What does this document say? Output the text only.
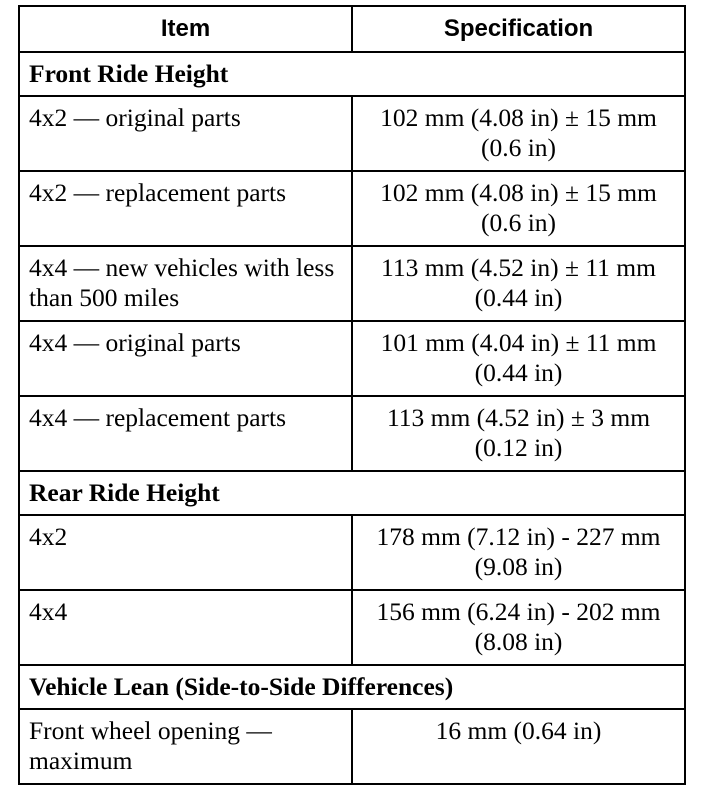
Item	Specification
Front Ride Height	
4x2 — original parts	102 mm (4.08 in) ± 15 mm (0.6 in)
4x2 — replacement parts	102 mm (4.08 in) ± 15 mm (0.6 in)
4x4 — new vehicles with less than 500 miles	113 mm (4.52 in) ± 11 mm (0.44 in)
4x4 — original parts	101 mm (4.04 in) ± 11 mm (0.44 in)
4x4 — replacement parts	113 mm (4.52 in) ± 3 mm (0.12 in)
Rear Ride Height	
4x2	178 mm (7.12 in) - 227 mm (9.08 in)
4x4	156 mm (6.24 in) - 202 mm (8.08 in)
Vehicle Lean (Side-to-Side Differences)	
Front wheel opening — maximum	16 mm (0.64 in)
